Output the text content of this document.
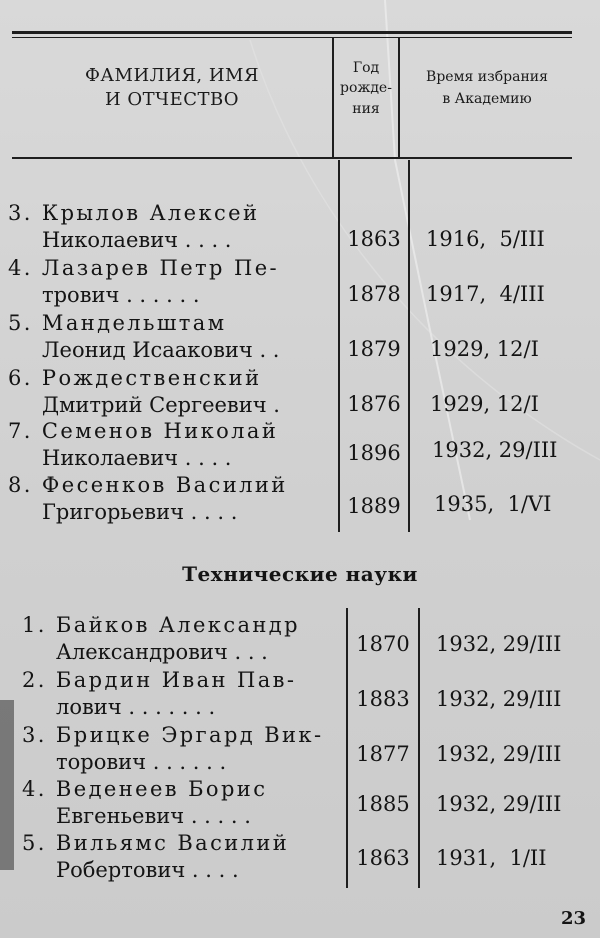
ФАМИЛИЯ, ИМЯ
И ОТЧЕСТВО
Год
рожде-
ния
Время избрания
в Академию
3. Крылов Алексей
Николаевич . . . .	1863	1916,  5/III
4. Лазарев Петр Пе-
трович . . . . . .	1878	1917,  4/III
5. Мандельштам
Леонид Исаакович . .	1879	1929, 12/I
6. Рождественский
Дмитрий Сергеевич .	1876	1929, 12/I
7. Семенов Николай
Николаевич . . . .	1896	1932, 29/III
8. Фесенков Василий
Григорьевич . . . .	1889	1935,  1/VI
Технические науки
1. Байков Александр
Александрович . . .	1870	1932, 29/III
2. Бардин Иван Пав-
лович . . . . . . .	1883	1932, 29/III
3. Брицке Эргард Вик-
торович . . . . . .	1877	1932, 29/III
4. Веденеев Борис
Евгеньевич . . . . .	1885	1932, 29/III
5. Вильямс Василий
Робертович . . . .	1863	1931,  1/II
23
